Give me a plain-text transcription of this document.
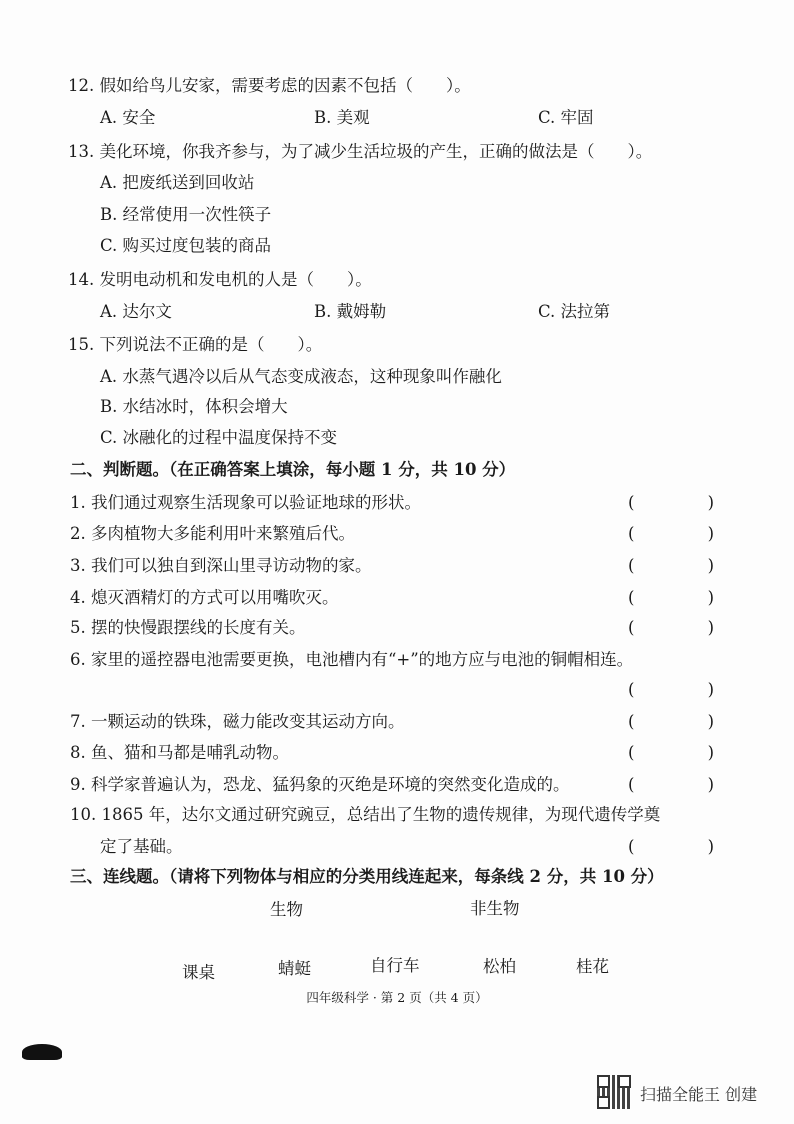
12. 假如给鸟儿安家，需要考虑的因素不包括（　　）。
A. 安全	B. 美观	C. 牢固
13. 美化环境，你我齐参与，为了减少生活垃圾的产生，正确的做法是（　　）。
A. 把废纸送到回收站
B. 经常使用一次性筷子
C. 购买过度包装的商品
14. 发明电动机和发电机的人是（　　）。
A. 达尔文	B. 戴姆勒	C. 法拉第
15. 下列说法不正确的是（　　）。
A. 水蒸气遇冷以后从气态变成液态，这种现象叫作融化
B. 水结冰时，体积会增大
C. 冰融化的过程中温度保持不变
二、判断题。（在正确答案上填涂，每小题 1 分，共 10 分）
1. 我们通过观察生活现象可以验证地球的形状。	(	)
2. 多肉植物大多能利用叶来繁殖后代。	(	)
3. 我们可以独自到深山里寻访动物的家。	(	)
4. 熄灭酒精灯的方式可以用嘴吹灭。	(	)
5. 摆的快慢跟摆线的长度有关。	(	)
6. 家里的遥控器电池需要更换，电池槽内有“+”的地方应与电池的铜帽相连。
(	)
7. 一颗运动的铁珠，磁力能改变其运动方向。	(	)
8. 鱼、猫和马都是哺乳动物。	(	)
9. 科学家普遍认为，恐龙、猛犸象的灭绝是环境的突然变化造成的。	(	)
10. 1865 年，达尔文通过研究豌豆，总结出了生物的遗传规律，为现代遗传学奠
(	)
定了基础。
三、连线题。（请将下列物体与相应的分类用线连起来，每条线 2 分，共 10 分）
生物	非生物
课桌	蜻蜓	自行车	松柏	桂花
四年级科学 · 第 2 页（共 4 页）
扫描全能王 创建
